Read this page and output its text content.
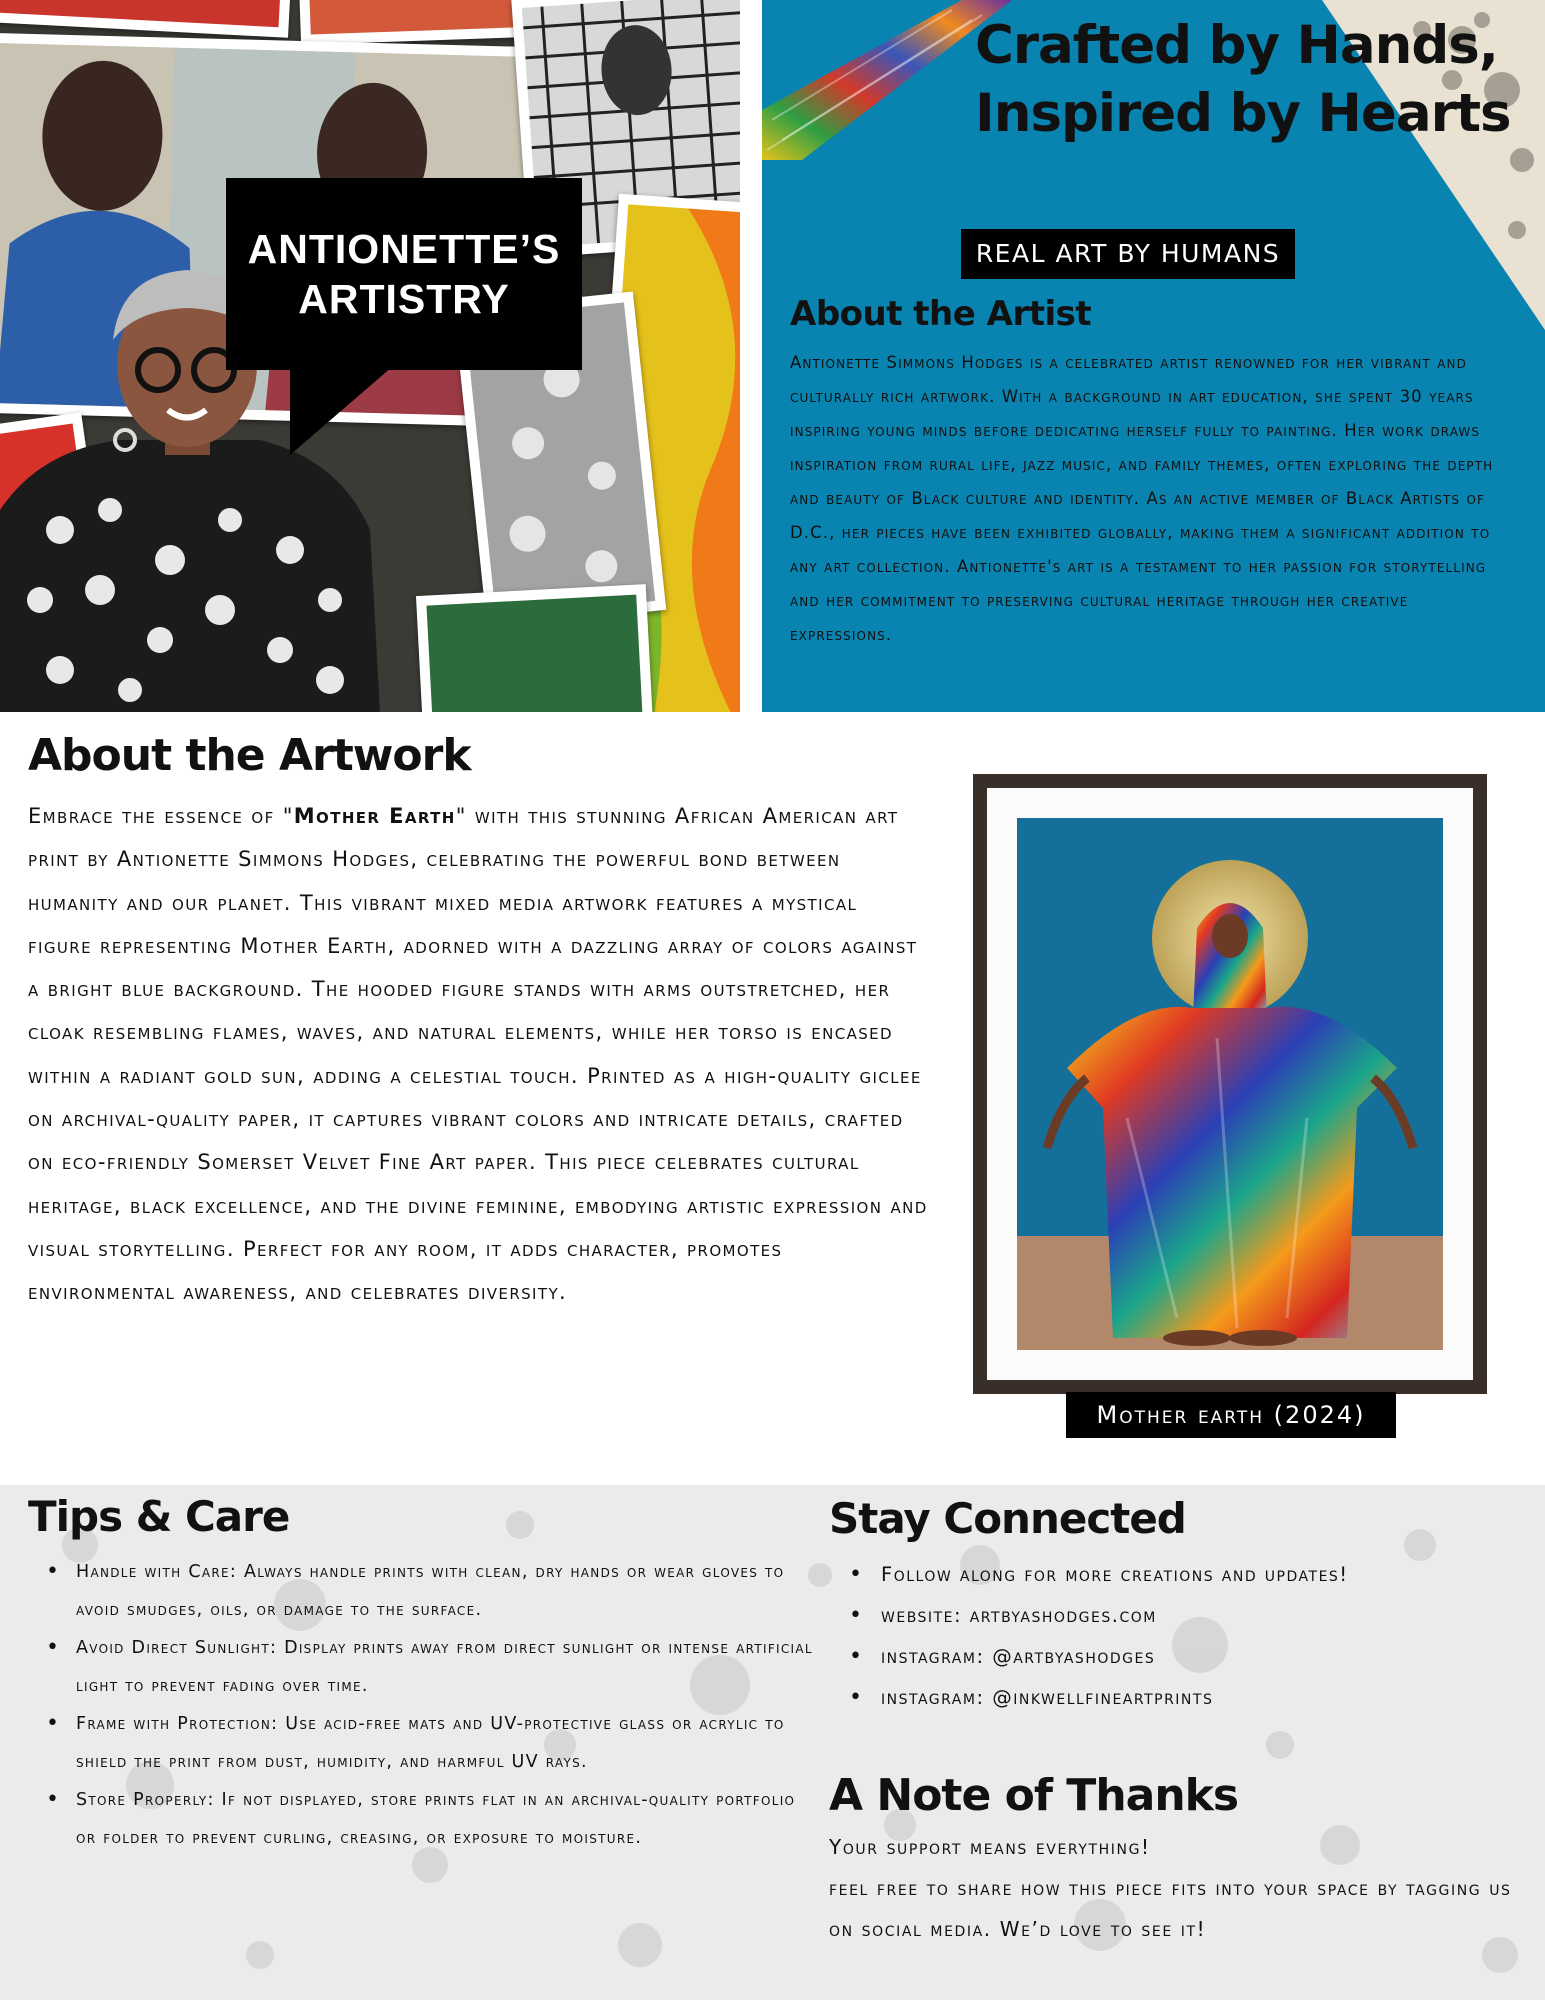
ANTIONETTE’S
ARTISTRY
Crafted by Hands, Inspired by Hearts
REAL ART BY HUMANS
About the Artist
Antionette Simmons Hodges is a celebrated artist renowned for her vibrant and culturally rich artwork. With a background in art education, she spent 30 years inspiring young minds before dedicating herself fully to painting. Her work draws inspiration from rural life, jazz music, and family themes, often exploring the depth and beauty of Black culture and identity. As an active member of Black Artists of D.C., her pieces have been exhibited globally, making them a significant addition to any art collection. Antionette's art is a testament to her passion for storytelling and her commitment to preserving cultural heritage through her creative expressions.
About the Artwork
Embrace the essence of "Mother Earth" with this stunning African American art print by Antionette Simmons Hodges, celebrating the powerful bond between humanity and our planet. This vibrant mixed media artwork features a mystical figure representing Mother Earth, adorned with a dazzling array of colors against a bright blue background. The hooded figure stands with arms outstretched, her cloak resembling flames, waves, and natural elements, while her torso is encased within a radiant gold sun, adding a celestial touch. Printed as a high-quality giclee on archival-quality paper, it captures vibrant colors and intricate details, crafted on eco-friendly Somerset Velvet Fine Art paper. This piece celebrates cultural heritage, black excellence, and the divine feminine, embodying artistic expression and visual storytelling. Perfect for any room, it adds character, promotes environmental awareness, and celebrates diversity.
Mother earth (2024)
Tips & Care
• Handle with Care: Always handle prints with clean, dry hands or wear gloves to avoid smudges, oils, or damage to the surface.
• Avoid Direct Sunlight: Display prints away from direct sunlight or intense artificial light to prevent fading over time.
• Frame with Protection: Use acid-free mats and UV-protective glass or acrylic to shield the print from dust, humidity, and harmful UV rays.
• Store Properly: If not displayed, store prints flat in an archival-quality portfolio or folder to prevent curling, creasing, or exposure to moisture.
Stay Connected
• Follow along for more creations and updates!
• website: artbyashodges.com
• instagram: @artbyashodges
• instagram: @inkwellfineartprints
A Note of Thanks
Your support means everything!
feel free to share how this piece fits into your space by tagging us on social media. We’d love to see it!
